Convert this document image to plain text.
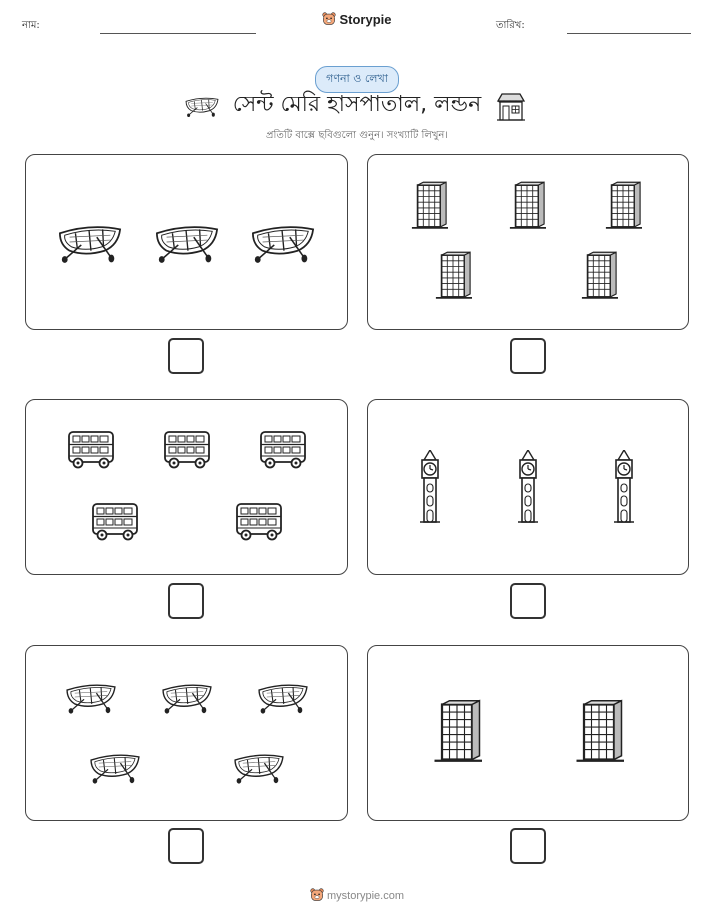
নাম:	Storypie	তারিখ:
গণনা ও লেখা
সেন্ট মেরি হাসপাতাল, লন্ডন
প্রতিটি বাক্সে ছবিগুলো গুনুন। সংখ্যাটি লিখুন।
mystorypie.com
